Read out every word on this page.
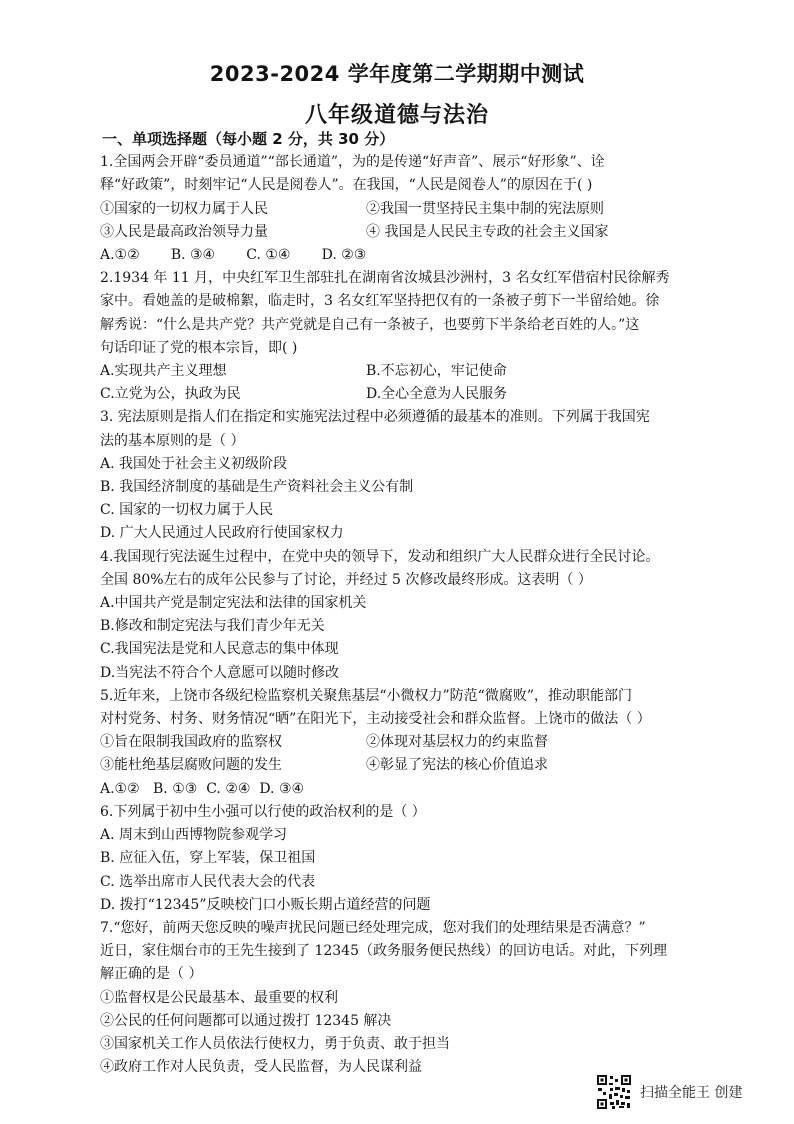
2023-2024 学年度第二学期期中测试
八年级道德与法治
一、单项选择题（每小题 2 分，共 30 分）
1.全国两会开辟“委员通道”“部长通道”，为的是传递“好声音”、展示“好形象”、诠
释“好政策”，时刻牢记“人民是阅卷人”。在我国，“人民是阅卷人”的原因在于( )
①国家的一切权力属于人民	②我国一贯坚持民主集中制的宪法原则
③人民是最高政治领导力量	④ 我国是人民民主专政的社会主义国家
A.①②       B. ③④       C. ①④       D. ②③
2.1934 年 11 月，中央红军卫生部驻扎在湖南省汝城县沙洲村，3 名女红军借宿村民徐解秀
家中。看她盖的是破棉絮，临走时，3 名女红军坚持把仅有的一条被子剪下一半留给她。徐
解秀说：“什么是共产党？共产党就是自己有一条被子，也要剪下半条给老百姓的人。”这
句话印证了党的根本宗旨，即( )
A.实现共产主义理想	B.不忘初心，牢记使命
C.立党为公，执政为民	D.全心全意为人民服务
3. 宪法原则是指人们在指定和实施宪法过程中必须遵循的最基本的准则。下列属于我国宪
法的基本原则的是（ ）
A. 我国处于社会主义初级阶段
B. 我国经济制度的基础是生产资料社会主义公有制
C. 国家的一切权力属于人民
D. 广大人民通过人民政府行使国家权力
4.我国现行宪法诞生过程中，在党中央的领导下，发动和组织广大人民群众进行全民讨论。
全国 80%左右的成年公民参与了讨论，并经过 5 次修改最终形成。这表明（ ）
A.中国共产党是制定宪法和法律的国家机关
B.修改和制定宪法与我们青少年无关
C.我国宪法是党和人民意志的集中体现
D.当宪法不符合个人意愿可以随时修改
5.近年来，上饶市各级纪检监察机关聚焦基层“小微权力”防范“微腐败”，推动职能部门
对村党务、村务、财务情况“晒”在阳光下，主动接受社会和群众监督。上饶市的做法（ ）
①旨在限制我国政府的监察权	②体现对基层权力的约束监督
③能杜绝基层腐败问题的发生	④彰显了宪法的核心价值追求
A.①②   B. ①③  C. ②④  D. ③④
6.下列属于初中生小强可以行使的政治权利的是（ ）
A. 周末到山西博物院参观学习
B. 应征入伍，穿上军装，保卫祖国
C. 选举出席市人民代表大会的代表
D. 拨打“12345”反映校门口小贩长期占道经营的问题
7.“您好，前两天您反映的噪声扰民问题已经处理完成，您对我们的处理结果是否满意？”
近日，家住烟台市的王先生接到了 12345（政务服务便民热线）的回访电话。对此，下列理
解正确的是（ ）
①监督权是公民最基本、最重要的权利
②公民的任何问题都可以通过拨打 12345 解决
③国家机关工作人员依法行使权力，勇于负责、敢于担当
④政府工作对人民负责，受人民监督，为人民谋利益
扫描全能王 创建
